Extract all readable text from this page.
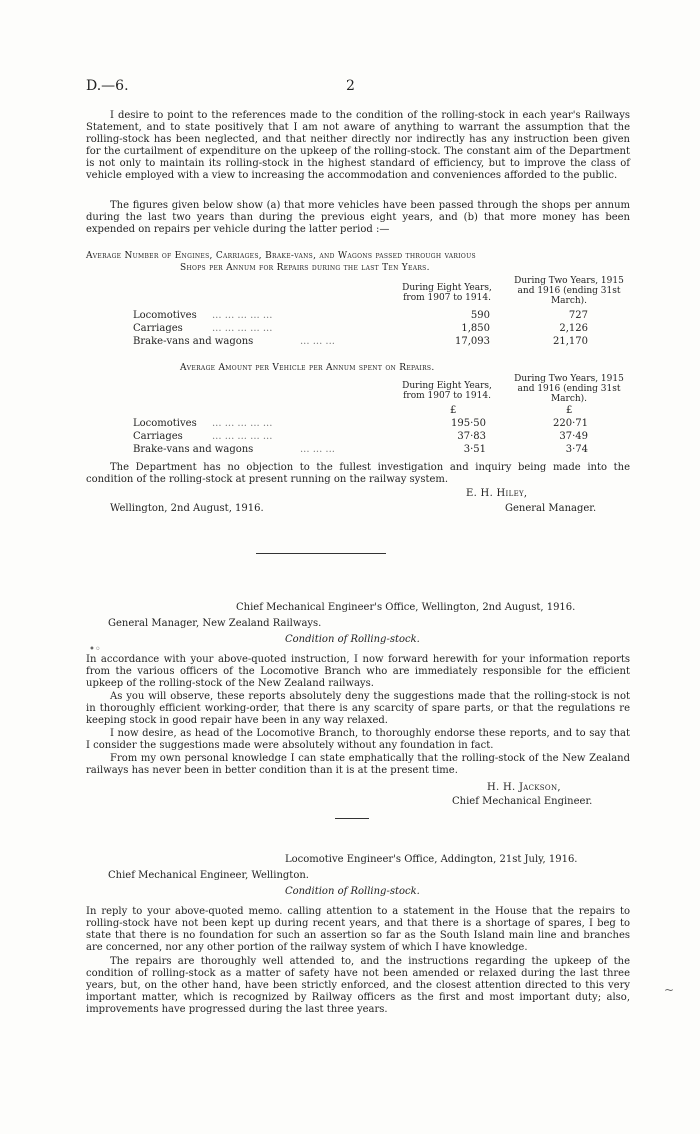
D.—6.	2
I desire to point to the references made to the condition of the rolling-stock in each year's Railways Statement, and to state positively that I am not aware of anything to warrant the assumption that the rolling-stock has been neglected, and that neither directly nor indirectly has any instruction been given for the curtailment of expenditure on the upkeep of the rolling-stock. The constant aim of the Department is not only to maintain its rolling-stock in the highest standard of efficiency, but to improve the class of vehicle employed with a view to increasing the accommodation and conveniences afforded to the public.
The figures given below show (a) that more vehicles have been passed through the shops per annum during the last two years than during the previous eight years, and (b) that more money has been expended on repairs per vehicle during the latter period :—
Average Number of Engines, Carriages, Brake-vans, and Wagons passed through various
Shops per Annum for Repairs during the last Ten Years.
During Eight Years, from 1907 to 1914.
During Two Years, 1915 and 1916 (ending 31st March).
Locomotives ... ... ... ... ...	590	727
Carriages	... ... ... ... ...	1,850	2,126
Brake-vans and wagons	... ... ...	17,093	21,170
Average Amount per Vehicle per Annum spent on Repairs.
During Eight Years, from 1907 to 1914.
During Two Years, 1915 and 1916 (ending 31st March).
£	£
Locomotives ... ... ... ... ...	195·50	220·71
Carriages	... ... ... ... ...	37·83	37·49
Brake-vans and wagons	... ... ...	3·51	3·74
The Department has no objection to the fullest investigation and inquiry being made into the condition of the rolling-stock at present running on the railway system.
E. H. Hiley,
Wellington, 2nd August, 1916.	General Manager.
Chief Mechanical Engineer's Office, Wellington, 2nd August, 1916.
General Manager, New Zealand Railways.
Condition of Rolling-stock.
In accordance with your above-quoted instruction, I now forward herewith for your information reports from the various officers of the Locomotive Branch who are immediately responsible for the efficient upkeep of the rolling-stock of the New Zealand railways.
As you will observe, these reports absolutely deny the suggestions made that the rolling-stock is not in thoroughly efficient working-order, that there is any scarcity of spare parts, or that the regulations re keeping stock in good repair have been in any way relaxed.
I now desire, as head of the Locomotive Branch, to thoroughly endorse these reports, and to say that I consider the suggestions made were absolutely without any foundation in fact.
From my own personal knowledge I can state emphatically that the rolling-stock of the New Zealand railways has never been in better condition than it is at the present time.
H. H. Jackson,
Chief Mechanical Engineer.
Locomotive Engineer's Office, Addington, 21st July, 1916.
Chief Mechanical Engineer, Wellington.
Condition of Rolling-stock.
In reply to your above-quoted memo. calling attention to a statement in the House that the repairs to rolling-stock have not been kept up during recent years, and that there is a shortage of spares, I beg to state that there is no foundation for such an assertion so far as the South Island main line and branches are concerned, nor any other portion of the railway system of which I have knowledge.
The repairs are thoroughly well attended to, and the instructions regarding the upkeep of the condition of rolling-stock as a matter of safety have not been amended or relaxed during the last three years, but, on the other hand, have been strictly enforced, and the closest attention directed to this very important matter, which is recognized by Railway officers as the first and most important duty; also, improvements have progressed during the last three years.
•◦
~
